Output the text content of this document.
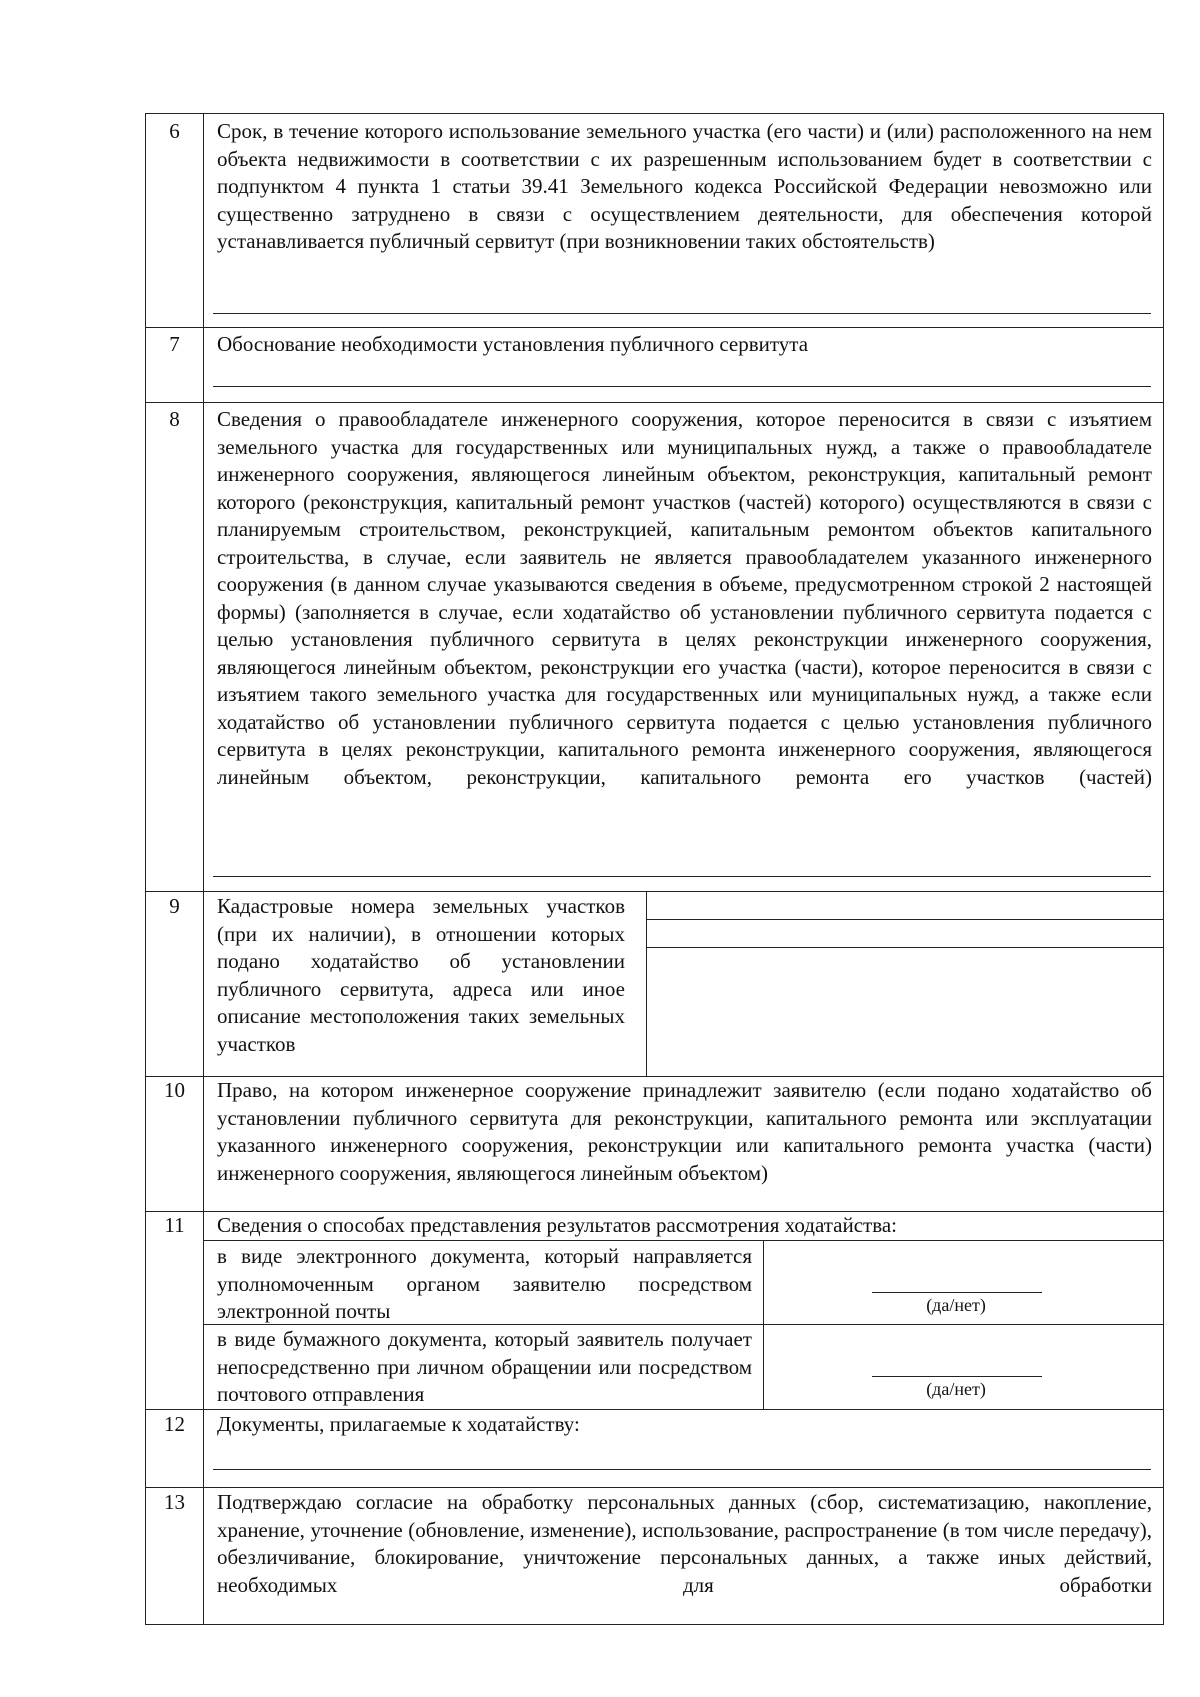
6	Срок, в течение которого использование земельного участка (его части) и (или) расположенного на нем объекта недвижимости в соответствии с их разрешенным использованием будет в соответствии с подпунктом 4 пункта 1 статьи 39.41 Земельного кодекса Российской Федерации невозможно или существенно затруднено в связи с осуществлением деятельности, для обеспечения которой устанавливается публичный сервитут (при возникновении таких обстоятельств)
7	Обоснование необходимости установления публичного сервитута
8	Сведения о правообладателе инженерного сооружения, которое переносится в связи с изъятием земельного участка для государственных или муниципальных нужд, а также о правообладателе инженерного сооружения, являющегося линейным объектом, реконструкция, капитальный ремонт которого (реконструкция, капитальный ремонт участков (частей) которого) осуществляются в связи с планируемым строительством, реконструкцией, капитальным ремонтом объектов капитального строительства, в случае, если заявитель не является правообладателем указанного инженерного сооружения (в данном случае указываются сведения в объеме, предусмотренном строкой 2 настоящей формы) (заполняется в случае, если ходатайство об установлении публичного сервитута подается с целью установления публичного сервитута в целях реконструкции инженерного сооружения, являющегося линейным объектом, реконструкции его участка (части), которое переносится в связи с изъятием такого земельного участка для государственных или муниципальных нужд, а также если ходатайство об установлении публичного сервитута подается с целью установления публичного сервитута в целях реконструкции, капитального ремонта инженерного сооружения, являющегося линейным объектом, реконструкции, капитального ремонта его участков (частей)
9	Кадастровые номера земельных участков (при их наличии), в отношении которых подано ходатайство об установлении публичного сервитута, адреса или иное описание местоположения таких земельных участков
10	Право, на котором инженерное сооружение принадлежит заявителю (если подано ходатайство об установлении публичного сервитута для реконструкции, капитального ремонта или эксплуатации указанного инженерного сооружения, реконструкции или капитального ремонта участка (части) инженерного сооружения, являющегося линейным объектом)
11	Сведения о способах представления результатов рассмотрения ходатайства:
в виде электронного документа, который направляется уполномоченным органом заявителю посредством электронной почты	(да/нет)
в виде бумажного документа, который заявитель получает непосредственно при личном обращении или посредством почтового отправления	(да/нет)
12	Документы, прилагаемые к ходатайству:
13	Подтверждаю согласие на обработку персональных данных (сбор, систематизацию, накопление, хранение, уточнение (обновление, изменение), использование, распространение (в том числе передачу), обезличивание, блокирование, уничтожение персональных данных, а также иных действий, необходимых для обработки
